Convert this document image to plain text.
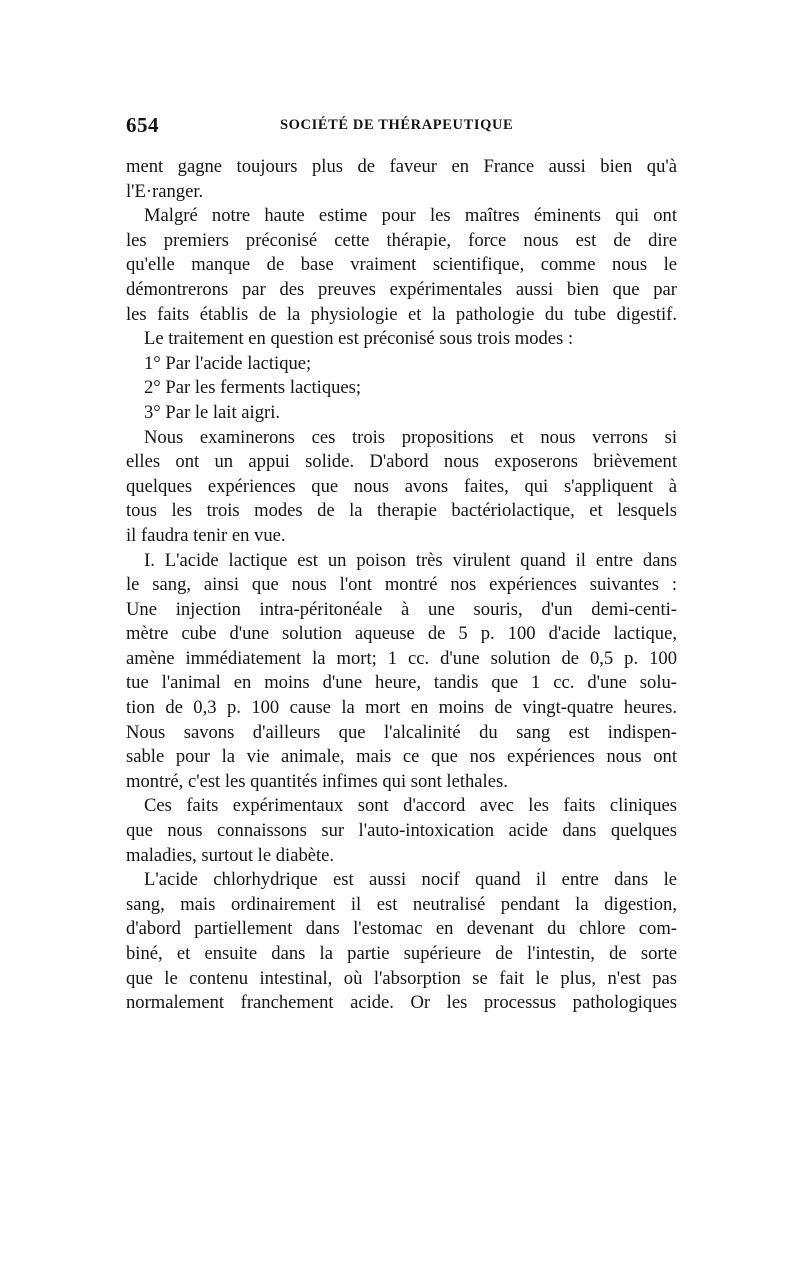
654	SOCIÉTÉ DE THÉRAPEUTIQUE
ment gagne toujours plus de faveur en France aussi bien qu'à
l'E·ranger.
Malgré notre haute estime pour les maîtres éminents qui ont
les premiers préconisé cette thérapie, force nous est de dire
qu'elle manque de base vraiment scientifique, comme nous le
démontrerons par des preuves expérimentales aussi bien que par
les faits établis de la physiologie et la pathologie du tube digestif.
Le traitement en question est préconisé sous trois modes :
1° Par l'acide lactique;
2° Par les ferments lactiques;
3° Par le lait aigri.
Nous examinerons ces trois propositions et nous verrons si
elles ont un appui solide. D'abord nous exposerons brièvement
quelques expériences que nous avons faites, qui s'appliquent à
tous les trois modes de la therapie bactériolactique, et lesquels
il faudra tenir en vue.
I. L'acide lactique est un poison très virulent quand il entre dans
le sang, ainsi que nous l'ont montré nos expériences suivantes :
Une injection intra-péritonéale à une souris, d'un demi-centi-
mètre cube d'une solution aqueuse de 5 p. 100 d'acide lactique,
amène immédiatement la mort; 1 cc. d'une solution de 0,5 p. 100
tue l'animal en moins d'une heure, tandis que 1 cc. d'une solu-
tion de 0,3 p. 100 cause la mort en moins de vingt-quatre heures.
Nous savons d'ailleurs que l'alcalinité du sang est indispen-
sable pour la vie animale, mais ce que nos expériences nous ont
montré, c'est les quantités infimes qui sont lethales.
Ces faits expérimentaux sont d'accord avec les faits cliniques
que nous connaissons sur l'auto-intoxication acide dans quelques
maladies, surtout le diabète.
L'acide chlorhydrique est aussi nocif quand il entre dans le
sang, mais ordinairement il est neutralisé pendant la digestion,
d'abord partiellement dans l'estomac en devenant du chlore com-
biné, et ensuite dans la partie supérieure de l'intestin, de sorte
que le contenu intestinal, où l'absorption se fait le plus, n'est pas
normalement franchement acide. Or les processus pathologiques
